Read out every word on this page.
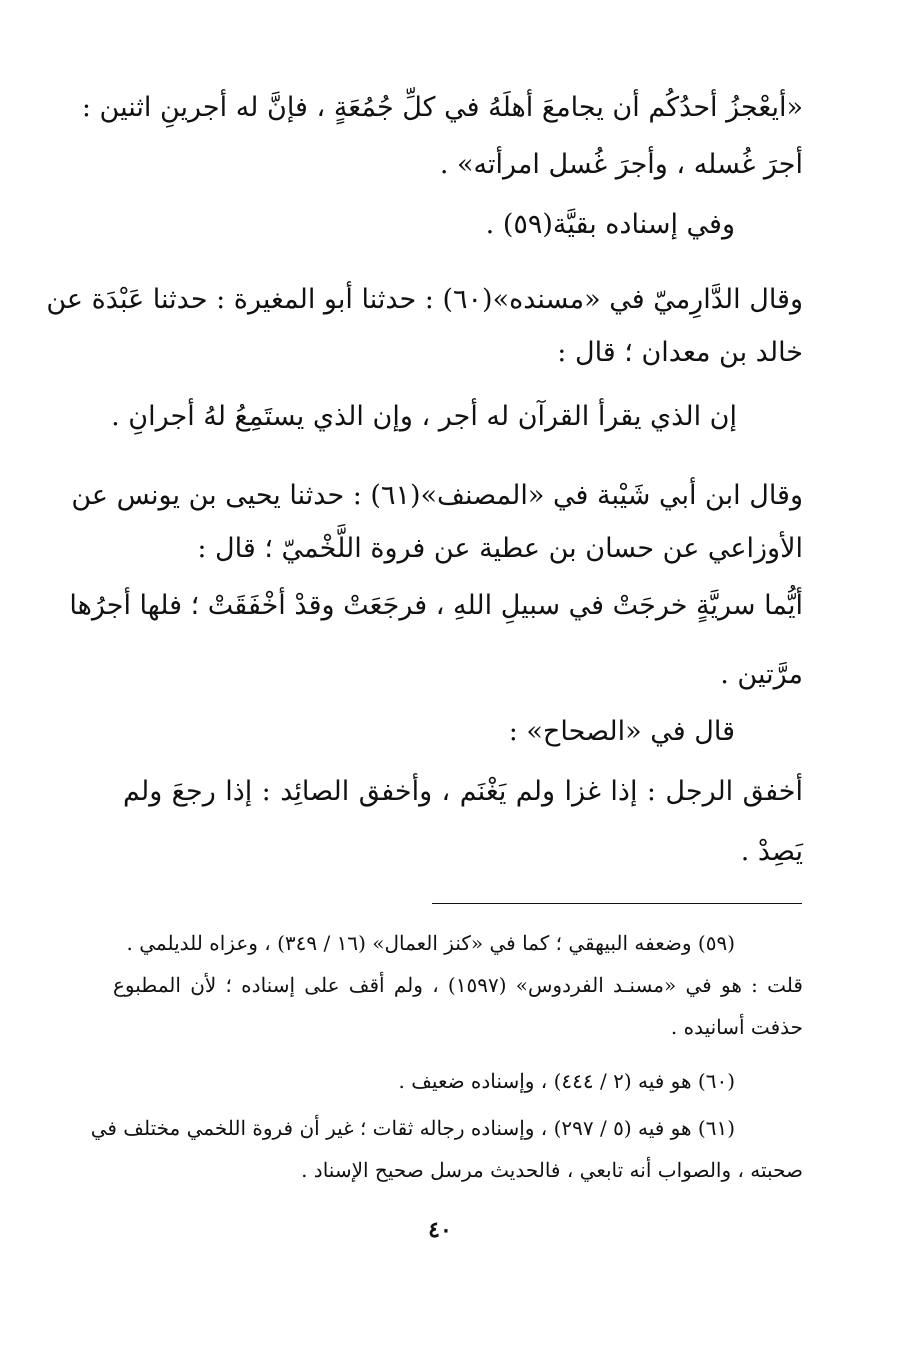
«أيعْجزُ أحدُكُم أن يجامعَ أهلَهُ في كلِّ جُمُعَةٍ ، فإنَّ له أجرينِ اثنين :
أجرَ غُسله ، وأجرَ غُسل امرأته» .
وفي إسناده بقيَّة(٥٩) .
وقال الدَّارِميّ في «مسنده»(٦٠) : حدثنا أبو المغيرة : حدثنا عَبْدَة عن
خالد بن معدان ؛ قال :
إن الذي يقرأ القرآن له أجر ، وإن الذي يستَمِعُ لهُ أجرانِ .
وقال ابن أبي شَيْبة في «المصنف»(٦١) : حدثنا يحيى بن يونس عن
الأوزاعي عن حسان بن عطية عن فروة اللَّخْميّ ؛ قال :
أيُّما سريَّةٍ خرجَتْ في سبيلِ اللهِ ، فرجَعَتْ وقدْ أخْفَقَتْ ؛ فلها أجرُها
مرَّتين .
قال في «الصحاح» :
أخفق الرجل : إذا غزا ولم يَغْنَم ، وأخفق الصائِد : إذا رجعَ ولم
يَصِدْ .
(٥٩) وضعفه البيهقي ؛ كما في «كنز العمال» (١٦ / ٣٤٩) ، وعزاه للديلمي .
قلت : هو في «مسنـد الفردوس» (١٥٩٧) ، ولم أقف على إسناده ؛ لأن المطبوع
حذفت أسانيده .
(٦٠) هو فيه (٢ / ٤٤٤) ، وإسناده ضعيف .
(٦١) هو فيه (٥ / ٢٩٧) ، وإسناده رجاله ثقات ؛ غير أن فروة اللخمي مختلف في
صحبته ، والصواب أنه تابعي ، فالحديث مرسل صحيح الإسناد .
٤٠
